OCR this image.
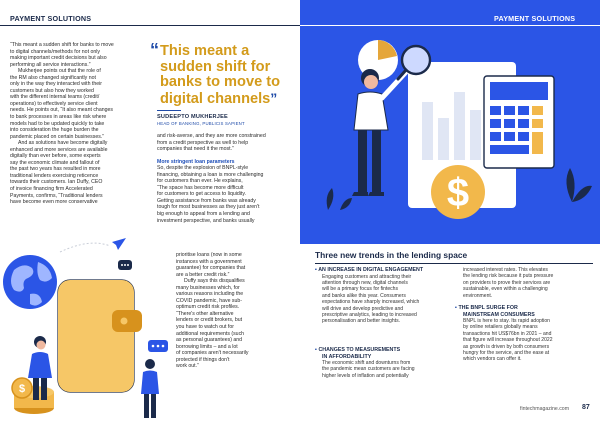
PAYMENT SOLUTIONS

“This meant a sudden shift for banks to move

to digital channels/methods for not only

making important credit decisions but also

performing all service interactions.”

Mukherjee points out that the role of

the RM also changed significantly not

only in the way they interacted with their

customers but also how they worked

with the different internal teams (credit/

operations) to effectively service client

needs. He points out, “It also meant changes

to bank processes in areas like risk where

models had to be updated quickly to take

into consideration the huge burden the

pandemic placed on certain businesses.”

And as solutions have become digitally

enhanced and more services are available

digitally than ever before, some experts

say the economic climate and fallout of

the past two years has resulted in more

traditional lenders exercising reticence

towards their customers. Ian Duffy, CEO

of invoice financing firm Accelerated

Payments, confirms, “Traditional lenders

have become even more conservative

“ This meant a
sudden shift for
banks to move to
digital channels”
SUDEEPTO MUKHERJEE
HEAD OF BANKING, PUBLICIS SAPIENT

and risk-averse, and they are more constrained

from a credit perspective as well to help

companies that need it the most.”

More stringent loan parameters

So, despite the explosion of BNPL-style

financing, obtaining a loan is more challenging

for customers than ever. He explains,

“The space has become more difficult

for customers to get access to liquidity.

Getting assistance from banks was already

tough for most businesses as they just aren't

big enough to appeal from a lending and

investment perspective, and banks usually

prioritise loans (now in some

instances with a government

guarantee) for companies that

are a better credit risk.”

Duffy says this disqualifies

many businesses which, for

various reasons including the

COVID pandemic, have sub-

optimum credit risk profiles.

“There's other alternative

lenders or credit brokers, but

you have to watch out for

additional requirements (such

as personal guarantees) and

borrowing limits – and a lot

of companies aren't necessarily

protected if things don't

work out.”

$
PAYMENT SOLUTIONS
$
Three new trends in the lending space
▪ AN INCREASE IN DIGITAL ENGAGEMENT
Engaging customers and attracting their
attention through new, digital channels
will be a primary focus for fintechs
and banks alike this year. Consumers
expectations have sharply increased, which
will drive and develop predictive and
prescriptive analytics, leading to increased
personalisation and better insights.
▪ CHANGES TO MEASUREMENTS
IN AFFORDABILITY
The economic shift and downturns from
the pandemic mean customers are facing
higher levels of inflation and potentially
increased interest rates. This elevates
the lending risk because it puts pressure
on providers to prove their services are
sustainable, even within a challenging
environment.
▪ THE BNPL SURGE FOR
MAINSTREAM CONSUMERS
BNPL is here to stay. Its rapid adoption
by online retailers globally means
transactions hit US$76bn in 2021 – and
that figure will increase throughout 2022
as growth is driven by both consumers
hungry for the service, and the ease at
which vendors can offer it.
fintechmagazine.com 87
